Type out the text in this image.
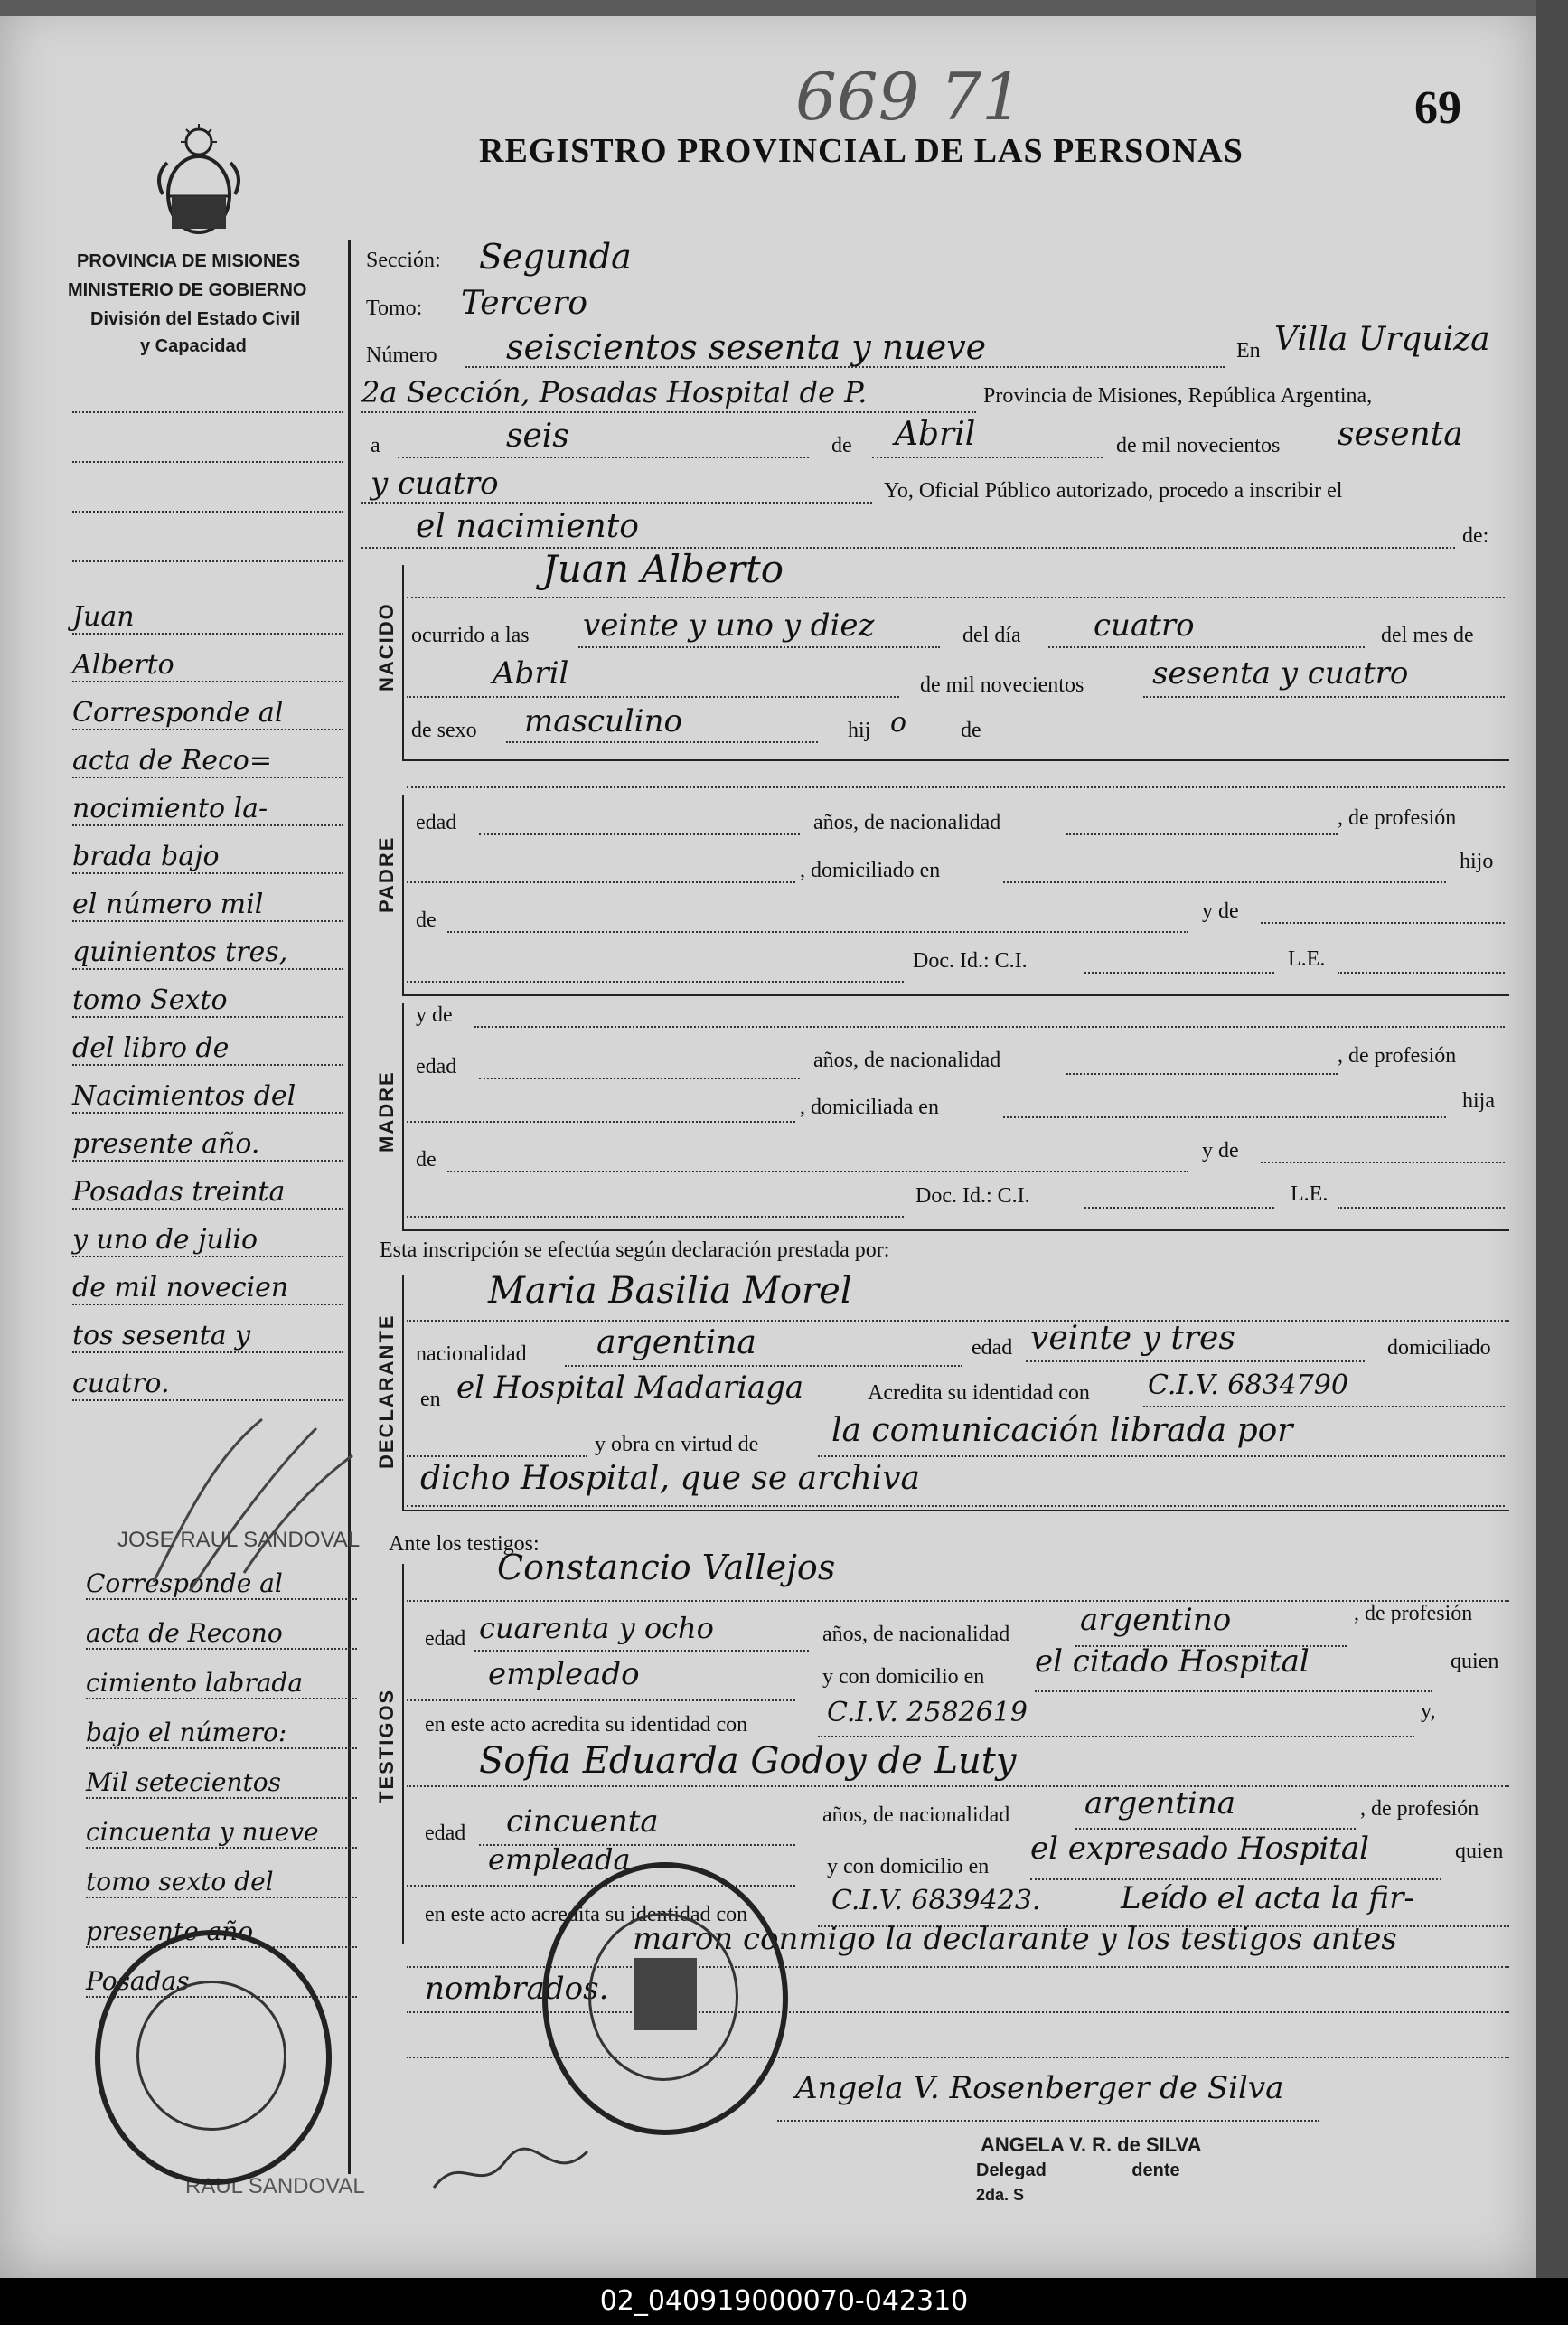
669 71	69
REGISTRO PROVINCIAL DE LAS PERSONAS
PROVINCIA DE MISIONES
MINISTERIO DE GOBIERNO
División del Estado Civil
y Capacidad
Juan
Alberto
Corresponde al
acta de Reco=
nocimiento la-
brada bajo
el número mil
quinientos tres,
tomo Sexto
del libro de
Nacimientos del
presente año.
Posadas treinta
y uno de julio
de mil novecien
tos sesenta y
cuatro.
JOSE RAUL SANDOVAL
Corresponde al
acta de Recono
cimiento labrada
bajo el número:
Mil setecientos
cincuenta y nueve
tomo sexto del
presente año
Posadas
RAUL SANDOVAL
Sección: Segunda
Tomo: Tercero
Número seiscientos sesenta y nueve	En Villa Urquiza
2a Sección, Posadas Hospital de P.	Provincia de Misiones, República Argentina,
a	seis	de Abril	de mil novecientos sesenta
y cuatro	Yo, Oficial Público autorizado, procedo a inscribir el
el nacimiento	de:
NACIDO
Juan Alberto
ocurrido a las veinte y uno y diez	del día cuatro	del mes de
Abril	de mil novecientos sesenta y cuatro
de sexo masculino	hij o de
PADRE
edad	años, de nacionalidad	, de profesión
, domiciliado en	hijo
de	y de
Doc. Id.: C.I.	L.E.
MADRE
y de
edad	años, de nacionalidad	, de profesión
, domiciliada en	hija
de	y de
Doc. Id.: C.I.	L.E.
Esta inscripción se efectúa según declaración prestada por:
DECLARANTE
Maria Basilia Morel
nacionalidad argentina	edad veinte y tres	domiciliado
en el Hospital Madariaga	Acredita su identidad con C.I.V. 6834790
y obra en virtud de la comunicación librada por
dicho Hospital, que se archiva
Ante los testigos:
TESTIGOS
Constancio Vallejos
edad cuarenta y ocho	años, de nacionalidad argentino	, de profesión
empleado	y con domicilio en el citado Hospital	quien
en este acto acredita su identidad con	C.I.V. 2582619	y,
Sofia Eduarda Godoy de Luty
edad cincuenta	años, de nacionalidad argentina	, de profesión
empleada	y con domicilio en el expresado Hospital	quien
en este acto acredita su identidad con	C.I.V. 6839423.	Leído el acta la fir-
maron conmigo la declarante y los testigos antes
nombrados.
Angela V. Rosenberger de Silva
ANGELA V. R. de SILVA
Delegad                 dente
2da. S
02_040919000070-042310
